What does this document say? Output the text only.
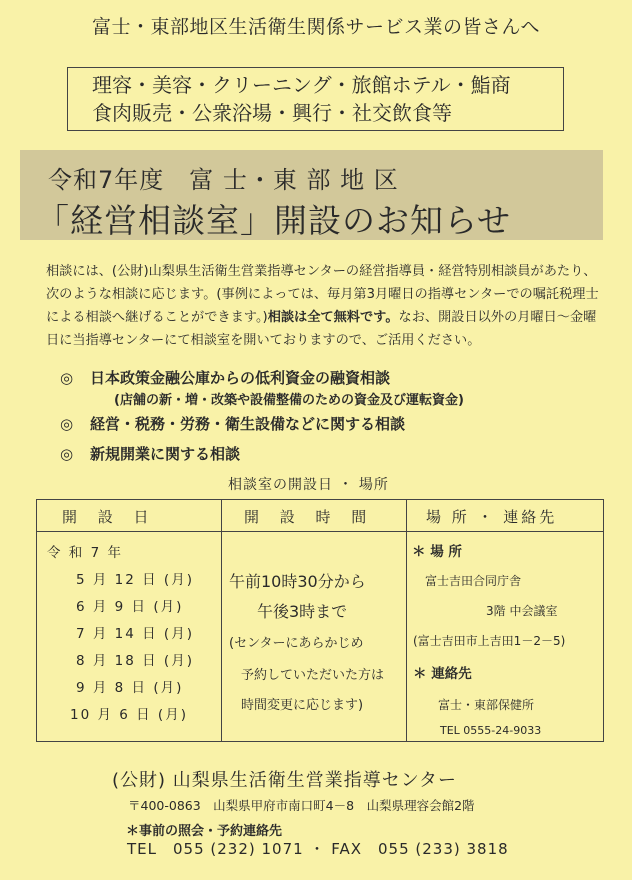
富士・東部地区生活衛生関係サービス業の皆さんへ
理容・美容・クリーニング・旅館ホテル・鮨商
食肉販売・公衆浴場・興行・社交飲食等
令和7年度　富 士・東 部 地 区
「経営相談室」開設のお知らせ
相談には、(公財)山梨県生活衛生営業指導センターの経営指導員・経営特別相談員があたり、次のような相談に応じます。(事例によっては、毎月第3月曜日の指導センターでの嘱託税理士による相談へ継げることができます。)相談は全て無料です。なお、開設日以外の月曜日～金曜日に当指導センターにて相談室を開いておりますので、ご活用ください。
◎ 日本政策金融公庫からの低利資金の融資相談
(店舗の新・増・改築や設備整備のための資金及び運転資金)
◎ 経営・税務・労務・衛生設備などに関する相談
◎ 新規開業に関する相談
相談室の開設日 ・ 場所
開 設 日	開 設 時 間	場 所 ・ 連絡先
令 和 7 年
5 月 12 日 (月)
6 月 9 日 (月)
7 月 14 日 (月)
8 月 18 日 (月)
9 月 8 日 (月)
10 月 6 日 (月)
午前10時30分から
午後3時まで
(センターにあらかじめ
予約していただいた方は
時間変更に応じます)
＊ 場 所
富士吉田合同庁舎
3階 中会議室
(富士吉田市上吉田1－2－5)
＊ 連絡先
富士・東部保健所
TEL 0555-24-9033
(公財) 山梨県生活衛生営業指導センター
〒400-0863　山梨県甲府市南口町4－8　山梨県理容会館2階
＊事前の照会・予約連絡先
TEL　055 (232) 1071 ・ FAX　055 (233) 3818
